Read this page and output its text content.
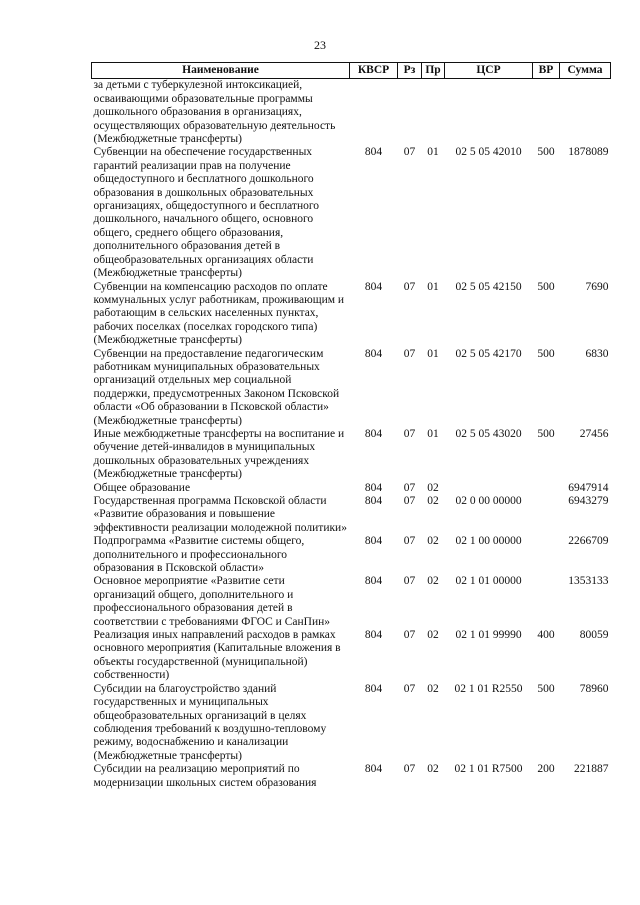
23
Наименование	КВСР	Рз	Пр	ЦСР	ВР	Сумма
за детьми с туберкулезной интоксикацией, осваивающими образовательные программы дошкольного образования в организациях, осуществляющих образовательную деятельность (Межбюджетные трансферты)						
Субвенции на обеспечение государственных гарантий реализации прав на получение общедоступного и бесплатного дошкольного образования в дошкольных образовательных организациях, общедоступного и бесплатного дошкольного, начального общего, основного общего, среднего общего образования, дополнительного образования детей в общеобразовательных организациях области (Межбюджетные трансферты)	804	07	01	02 5 05 42010	500	1878089
Субвенции на компенсацию расходов по оплате коммунальных услуг работникам, проживающим и работающим в сельских населенных пунктах, рабочих поселках (поселках городского типа) (Межбюджетные трансферты)	804	07	01	02 5 05 42150	500	7690
Субвенции на предоставление педагогическим работникам муниципальных образовательных организаций отдельных мер социальной поддержки, предусмотренных Законом Псковской области «Об образовании в Псковской области» (Межбюджетные трансферты)	804	07	01	02 5 05 42170	500	6830
Иные межбюджетные трансферты на воспитание и обучение детей-инвалидов в муниципальных дошкольных образовательных учреждениях (Межбюджетные трансферты)	804	07	01	02 5 05 43020	500	27456
Общее образование	804	07	02			6947914
Государственная программа Псковской области «Развитие образования и повышение эффективности реализации молодежной политики»	804	07	02	02 0 00 00000		6943279
Подпрограмма «Развитие системы общего, дополнительного и профессионального образования в Псковской области»	804	07	02	02 1 00 00000		2266709
Основное мероприятие «Развитие сети организаций общего, дополнительного и профессионального образования детей в соответствии с требованиями ФГОС и СанПин»	804	07	02	02 1 01 00000		1353133
Реализация иных направлений расходов в рамках основного мероприятия (Капитальные вложения в объекты государственной (муниципальной) собственности)	804	07	02	02 1 01 99990	400	80059
Субсидии на благоустройство зданий государственных и муниципальных общеобразовательных организаций в целях соблюдения требований к воздушно-тепловому режиму, водоснабжению и канализации (Межбюджетные трансферты)	804	07	02	02 1 01 R2550	500	78960
Субсидии на реализацию мероприятий по модернизации школьных систем образования	804	07	02	02 1 01 R7500	200	221887
